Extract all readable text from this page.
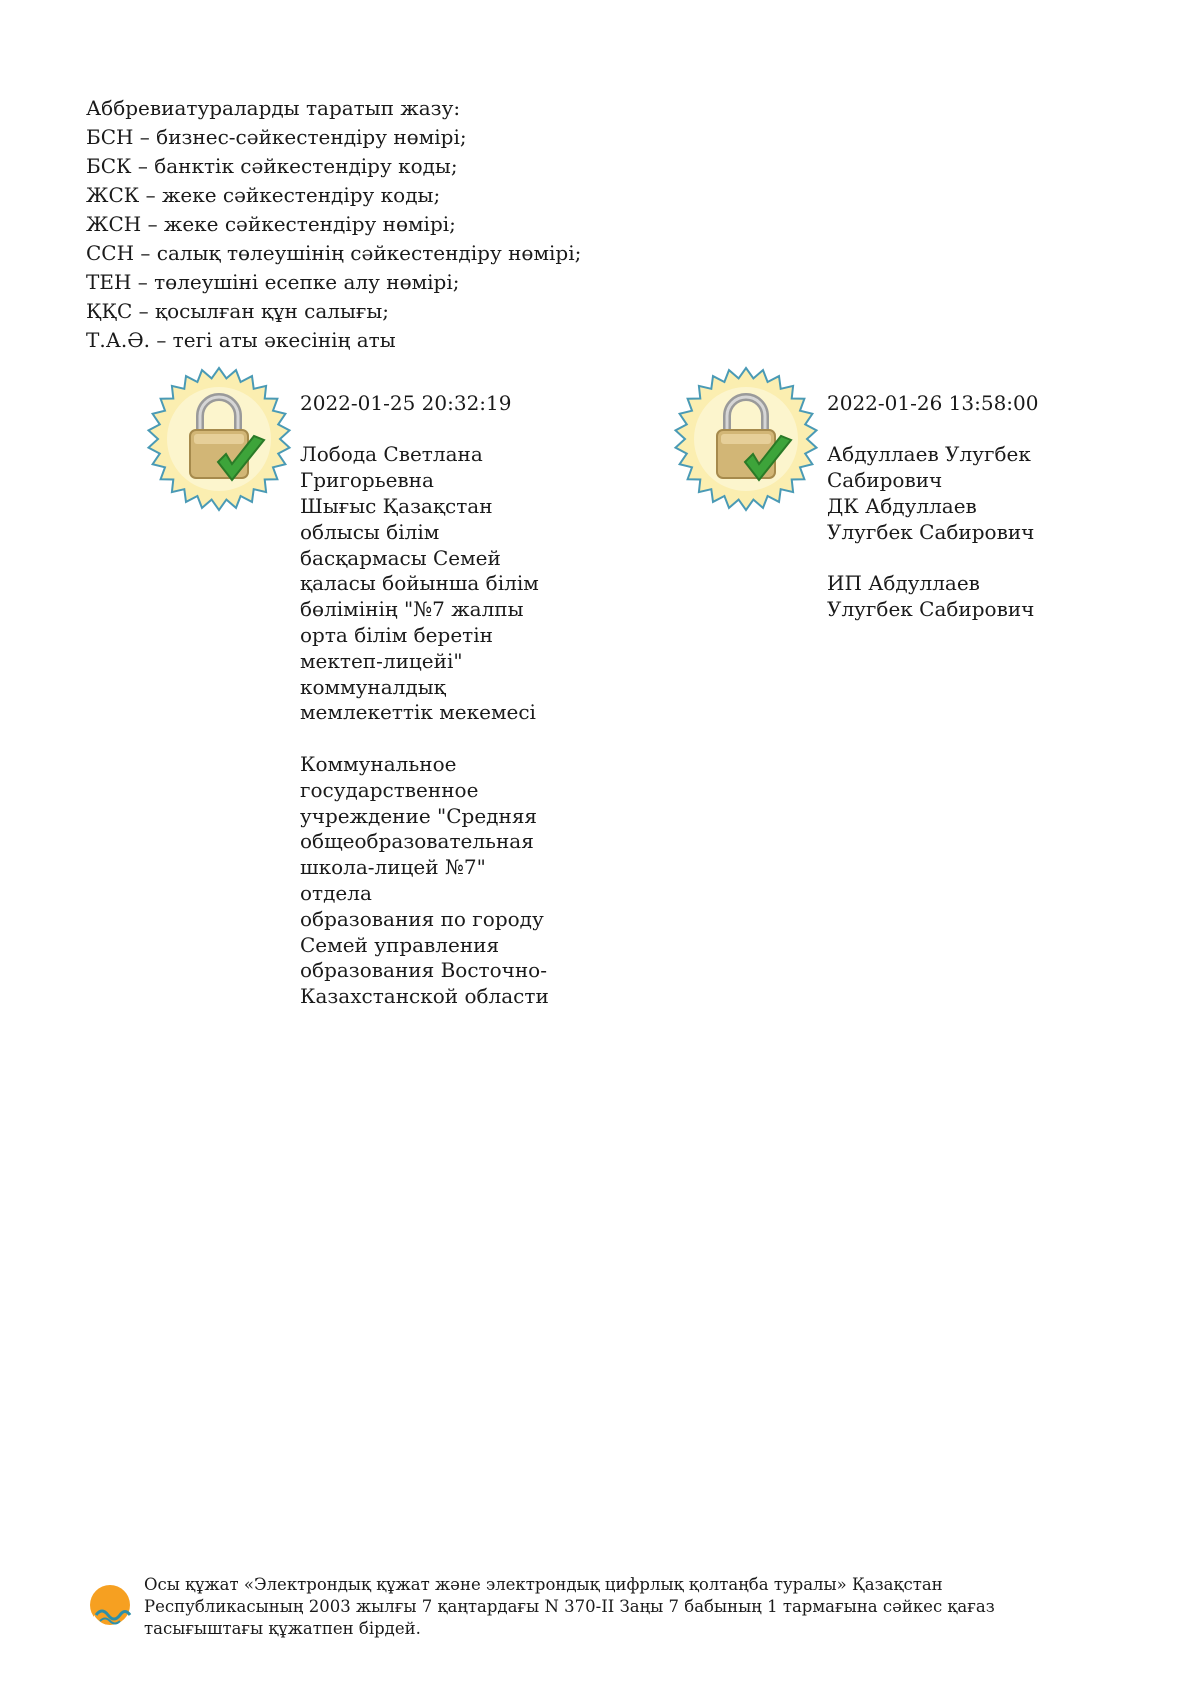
Аббревиатураларды таратып жазу:
БСН – бизнес-сәйкестендіру нөмірі;
БСК – банктік сәйкестендіру коды;
ЖСК – жеке сәйкестендіру коды;
ЖСН – жеке сәйкестендіру нөмірі;
ССН – салық төлеушінің сәйкестендіру нөмірі;
ТЕН – төлеушіні есепке алу нөмірі;
ҚҚС – қосылған құн салығы;
Т.А.Ә. – тегі аты әкесінің аты

2022-01-25 20:32:19

Лобода Светлана
Григорьевна
Шығыс Қазақстан
облысы білім
басқармасы Семей
қаласы бойынша білім
бөлімінің "№7 жалпы
орта білім беретін
мектеп-лицейі"
коммуналдық
мемлекеттік мекемесі

Коммунальное
государственное
учреждение "Средняя
общеобразовательная
школа-лицей №7" отдела
образования по городу
Семей управления
образования Восточно-
Казахстанской области

2022-01-26 13:58:00

Абдуллаев Улугбек
Сабирович
ДК Абдуллаев
Улугбек Сабирович

ИП Абдуллаев
Улугбек Сабирович

Осы құжат «Электрондық құжат және электрондық цифрлық қолтаңба туралы» Қазақстан Республикасының 2003 жылғы 7 қаңтардағы N 370-II Заңы 7 бабының 1 тармағына сәйкес қағаз тасығыштағы құжатпен бірдей.
